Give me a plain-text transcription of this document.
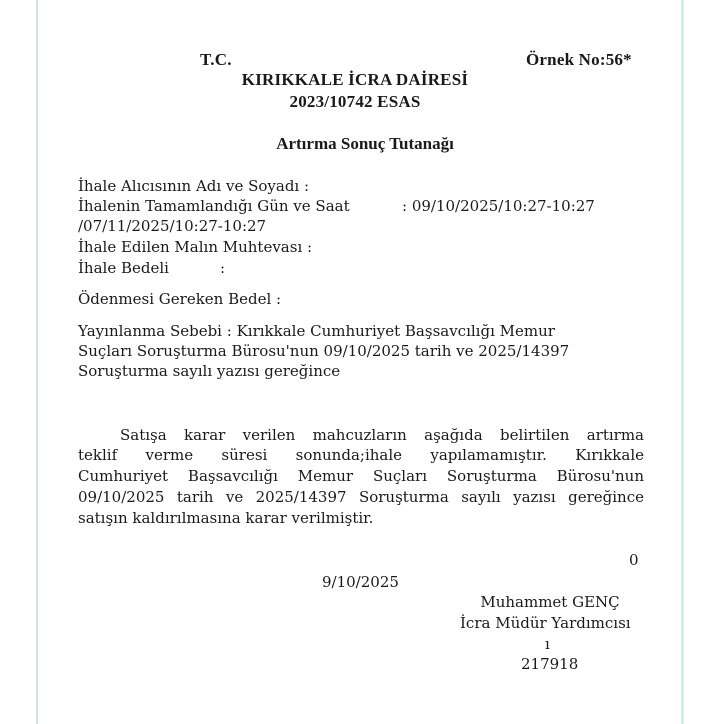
T.C.	Örnek No:56*
KIRIKKALE İCRA DAİRESİ
2023/10742 ESAS
Artırma Sonuç Tutanağı
İhale Alıcısının Adı ve Soyadı :
İhalenin Tamamlandığı Gün ve Saat	: 09/10/2025/10:27-10:27
/07/11/2025/10:27-10:27
İhale Edilen Malın Muhtevası :
İhale Bedeli	:
Ödenmesi Gereken Bedel :
Yayınlanma Sebebi : Kırıkkale Cumhuriyet Başsavcılığı Memur
Suçları Soruşturma Bürosu'nun 09/10/2025 tarih ve 2025/14397
Soruşturma sayılı yazısı gereğince
Satışa karar verilen mahcuzların aşağıda belirtilen artırma
teklif verme süresi sonunda;ihale yapılamamıştır. Kırıkkale
Cumhuriyet Başsavcılığı Memur Suçları Soruşturma Bürosu'nun
09/10/2025 tarih ve 2025/14397 Soruşturma sayılı yazısı gereğince
satışın kaldırılmasına karar verilmiştir.
0
9/10/2025
Muhammet GENÇ
İcra Müdür Yardımcısı
ı
217918
